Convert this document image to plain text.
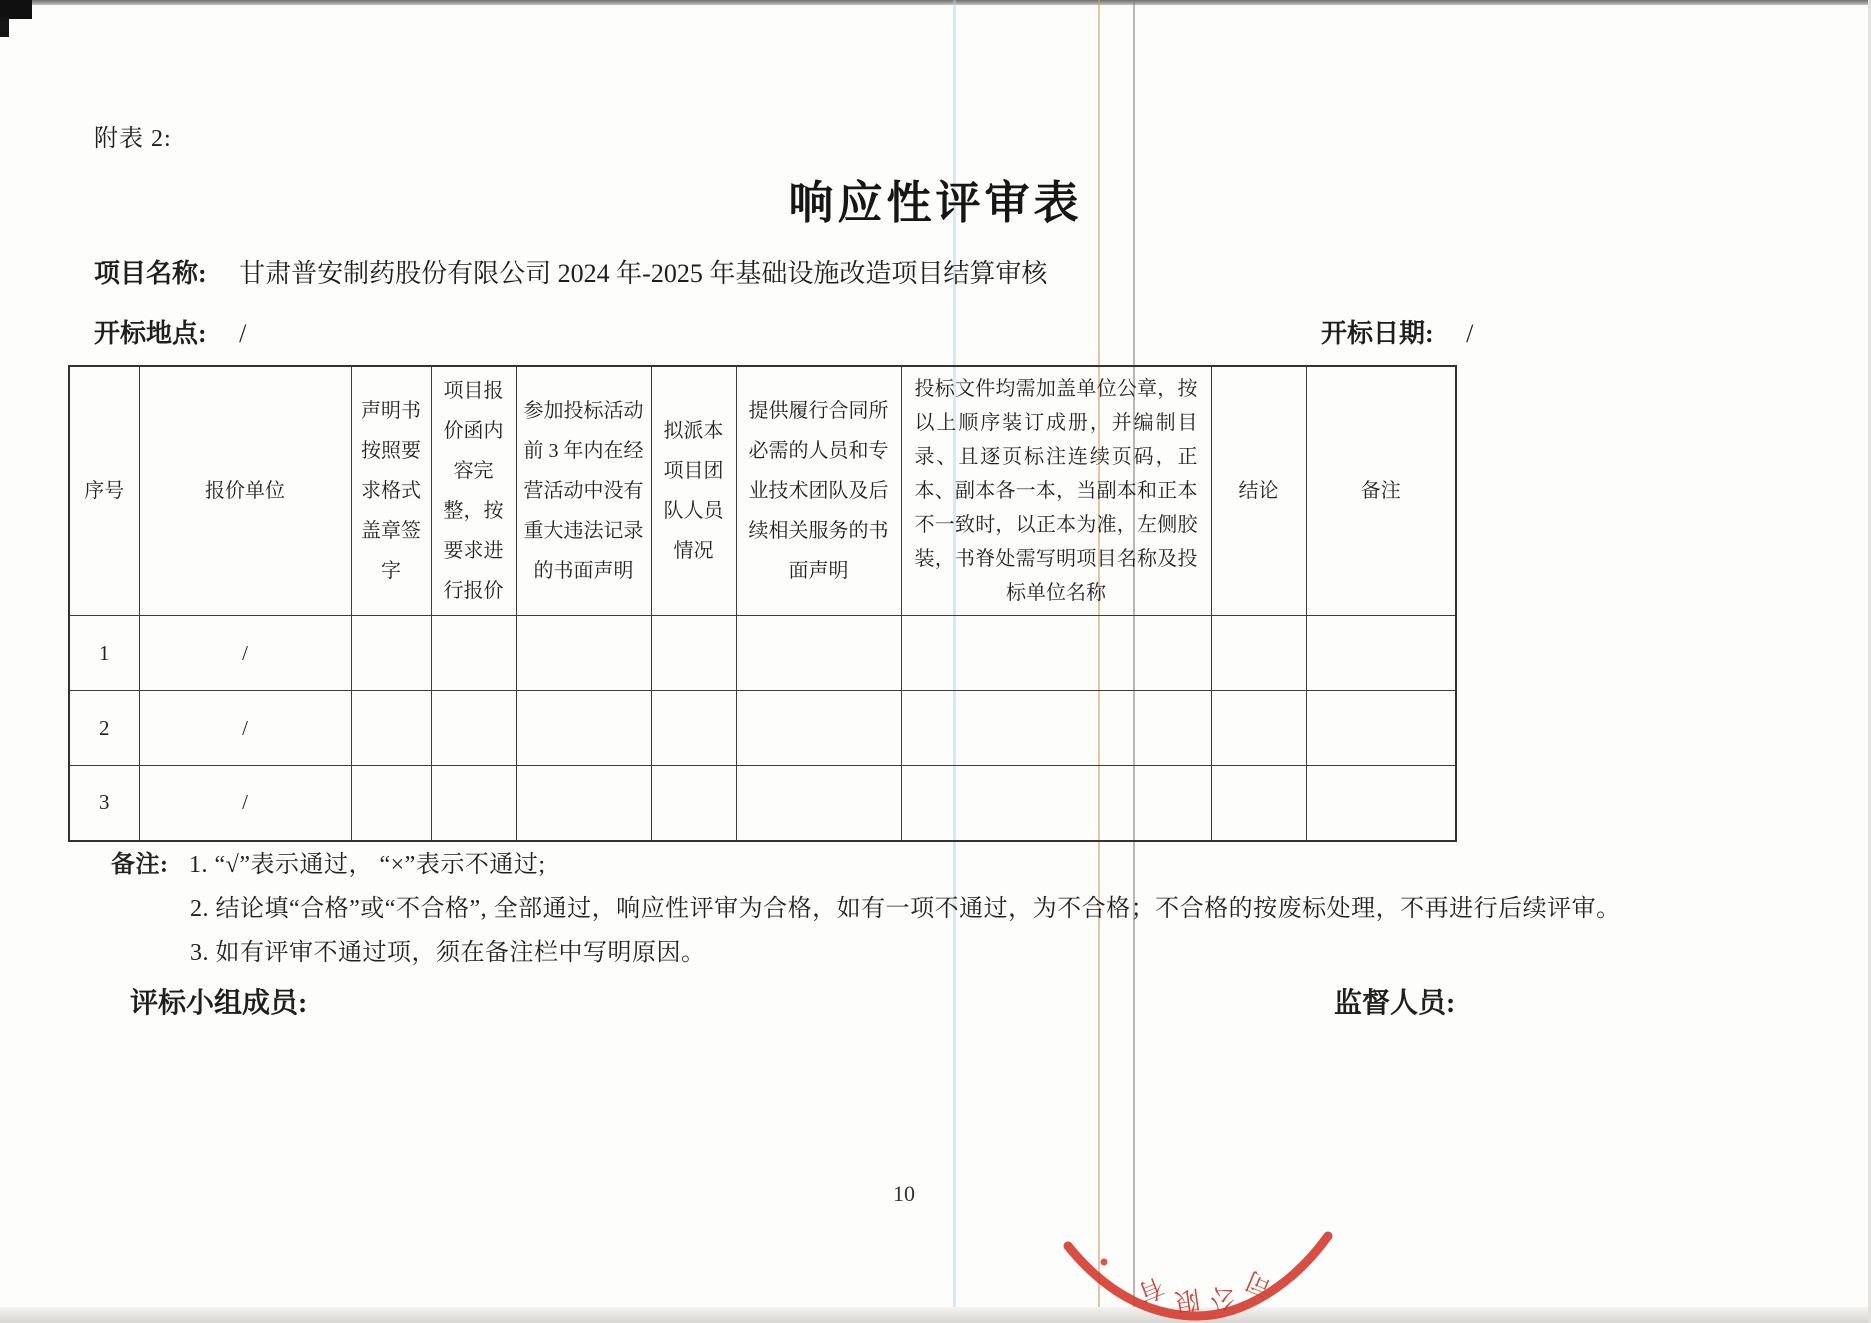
附表 2:
响应性评审表
项目名称: 甘肃普安制药股份有限公司 2024 年-2025 年基础设施改造项目结算审核
开标地点: /	开标日期: /
序号	报价单位	声明书按照要求格式盖章签字	项目报价函内容完整，按要求进行报价	参加投标活动前 3 年内在经营活动中没有重大违法记录的书面声明	拟派本项目团队人员情况	提供履行合同所必需的人员和专业技术团队及后续相关服务的书面声明	投标文件均需加盖单位公章，按以上顺序装订成册，并编制目录、且逐页标注连续页码，正本、副本各一本，当副本和正本不一致时，以正本为准，左侧胶装，书脊处需写明项目名称及投标单位名称	结论	备注
1	/								
2	/								
3	/								
备注: 1. “√”表示通过， “×”表示不通过;
2. 结论填“合格”或“不合格”, 全部通过，响应性评审为合格，如有一项不通过，为不合格；不合格的按废标处理，不再进行后续评审。
3. 如有评审不通过项，须在备注栏中写明原因。
评标小组成员:	监督人员:
10
有 限 公 司
